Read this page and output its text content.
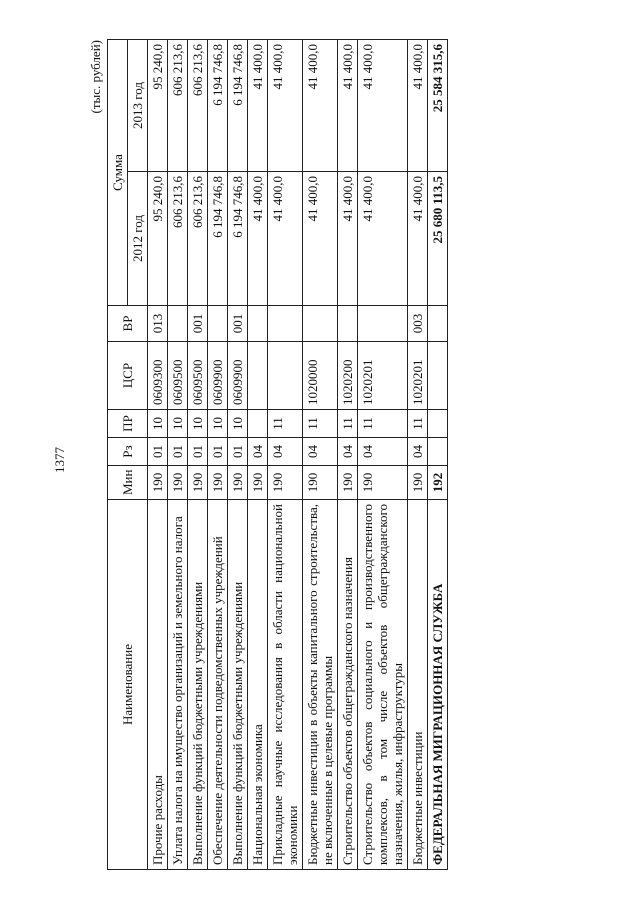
1377
(тыс. рублей)
Наименование	Мин	Рз	ПР	ЦСР	ВР	Сумма	
						2012 год	2013 год
Прочие расходы	190	01	10	0609300	013	95 240,0	95 240,0
Уплата налога на имущество организаций и земельного налога	190	01	10	0609500		606 213,6	606 213,6
Выполнение функций бюджетными учреждениями	190	01	10	0609500	001	606 213,6	606 213,6
Обеспечение деятельности подведомственных учреждений	190	01	10	0609900		6 194 746,8	6 194 746,8
Выполнение функций бюджетными учреждениями	190	01	10	0609900	001	6 194 746,8	6 194 746,8
Национальная экономика	190	04				41 400,0	41 400,0
Прикладные научные исследования в области национальной экономики	190	04	11			41 400,0	41 400,0
Бюджетные инвестиции в объекты капитального строительства, не включенные в целевые программы	190	04	11	1020000		41 400,0	41 400,0
Строительство объектов общегражданского назначения	190	04	11	1020200		41 400,0	41 400,0
Строительство объектов социального и производственного комплексов, в том числе объектов общегражданского назначения, жилья, инфраструктуры	190	04	11	1020201		41 400,0	41 400,0
Бюджетные инвестиции	190	04	11	1020201	003	41 400,0	41 400,0
ФЕДЕРАЛЬНАЯ МИГРАЦИОННАЯ СЛУЖБА	192					25 680 113,5	25 584 315,6
